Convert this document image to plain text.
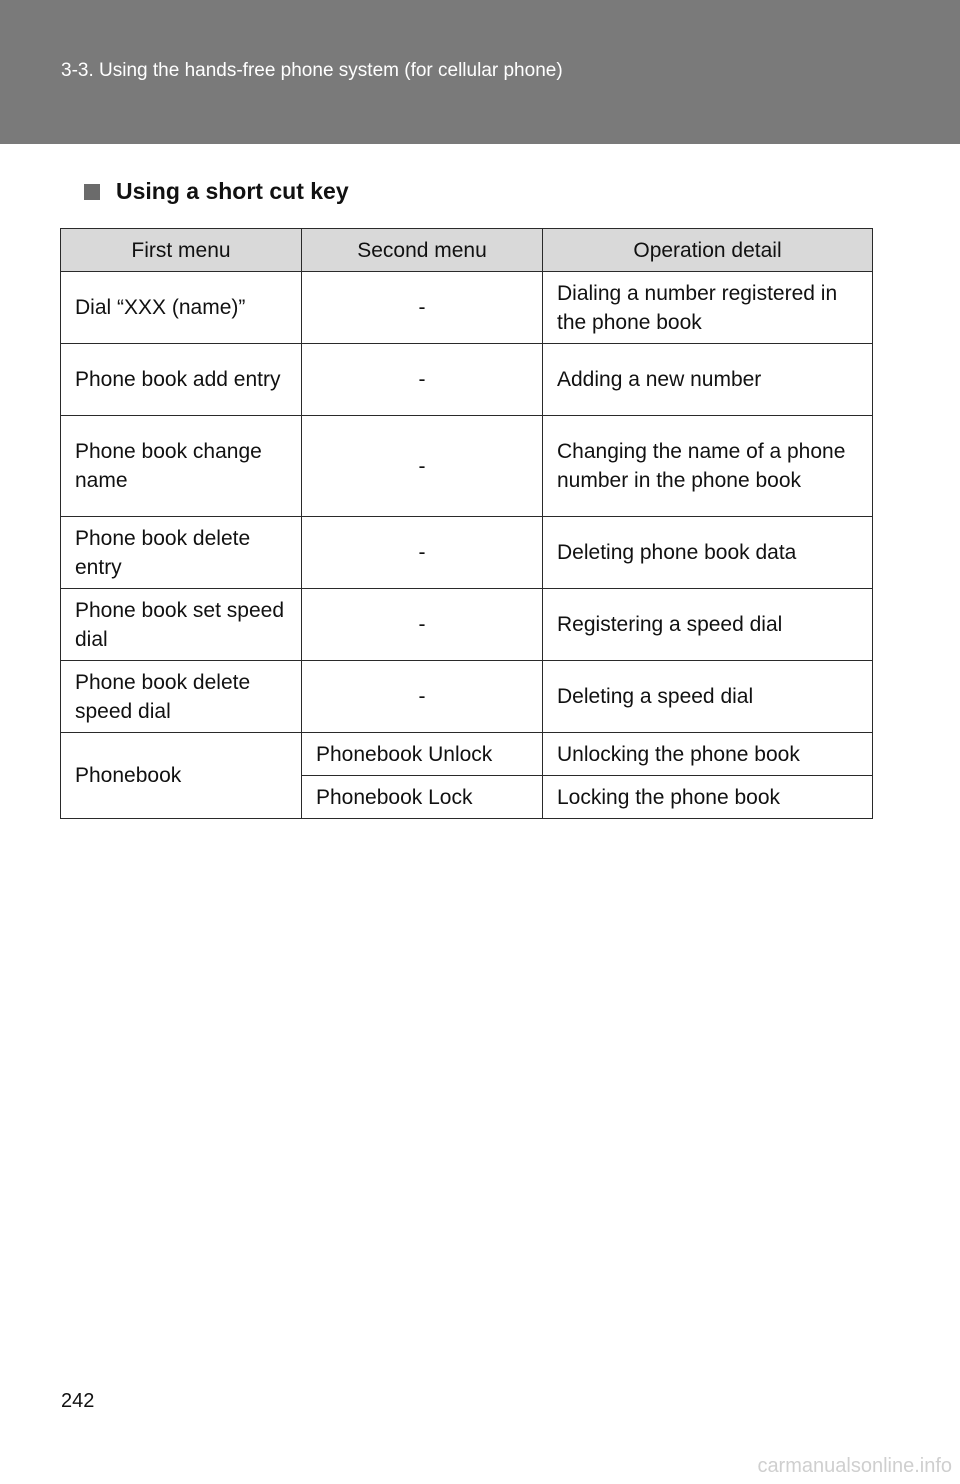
3-3. Using the hands-free phone system (for cellular phone)
Using a short cut key
First menu	Second menu	Operation detail
Dial “XXX (name)”	-	Dialing a number registered in the phone book
Phone book add entry	-	Adding a new number
Phone book change name	-	Changing the name of a phone number in the phone book
Phone book delete entry	-	Deleting phone book data
Phone book set speed dial	-	Registering a speed dial
Phone book delete speed dial	-	Deleting a speed dial
Phonebook	Phonebook Unlock	Unlocking the phone book
	Phonebook Lock	Locking the phone book
242
carmanualsonline.info
